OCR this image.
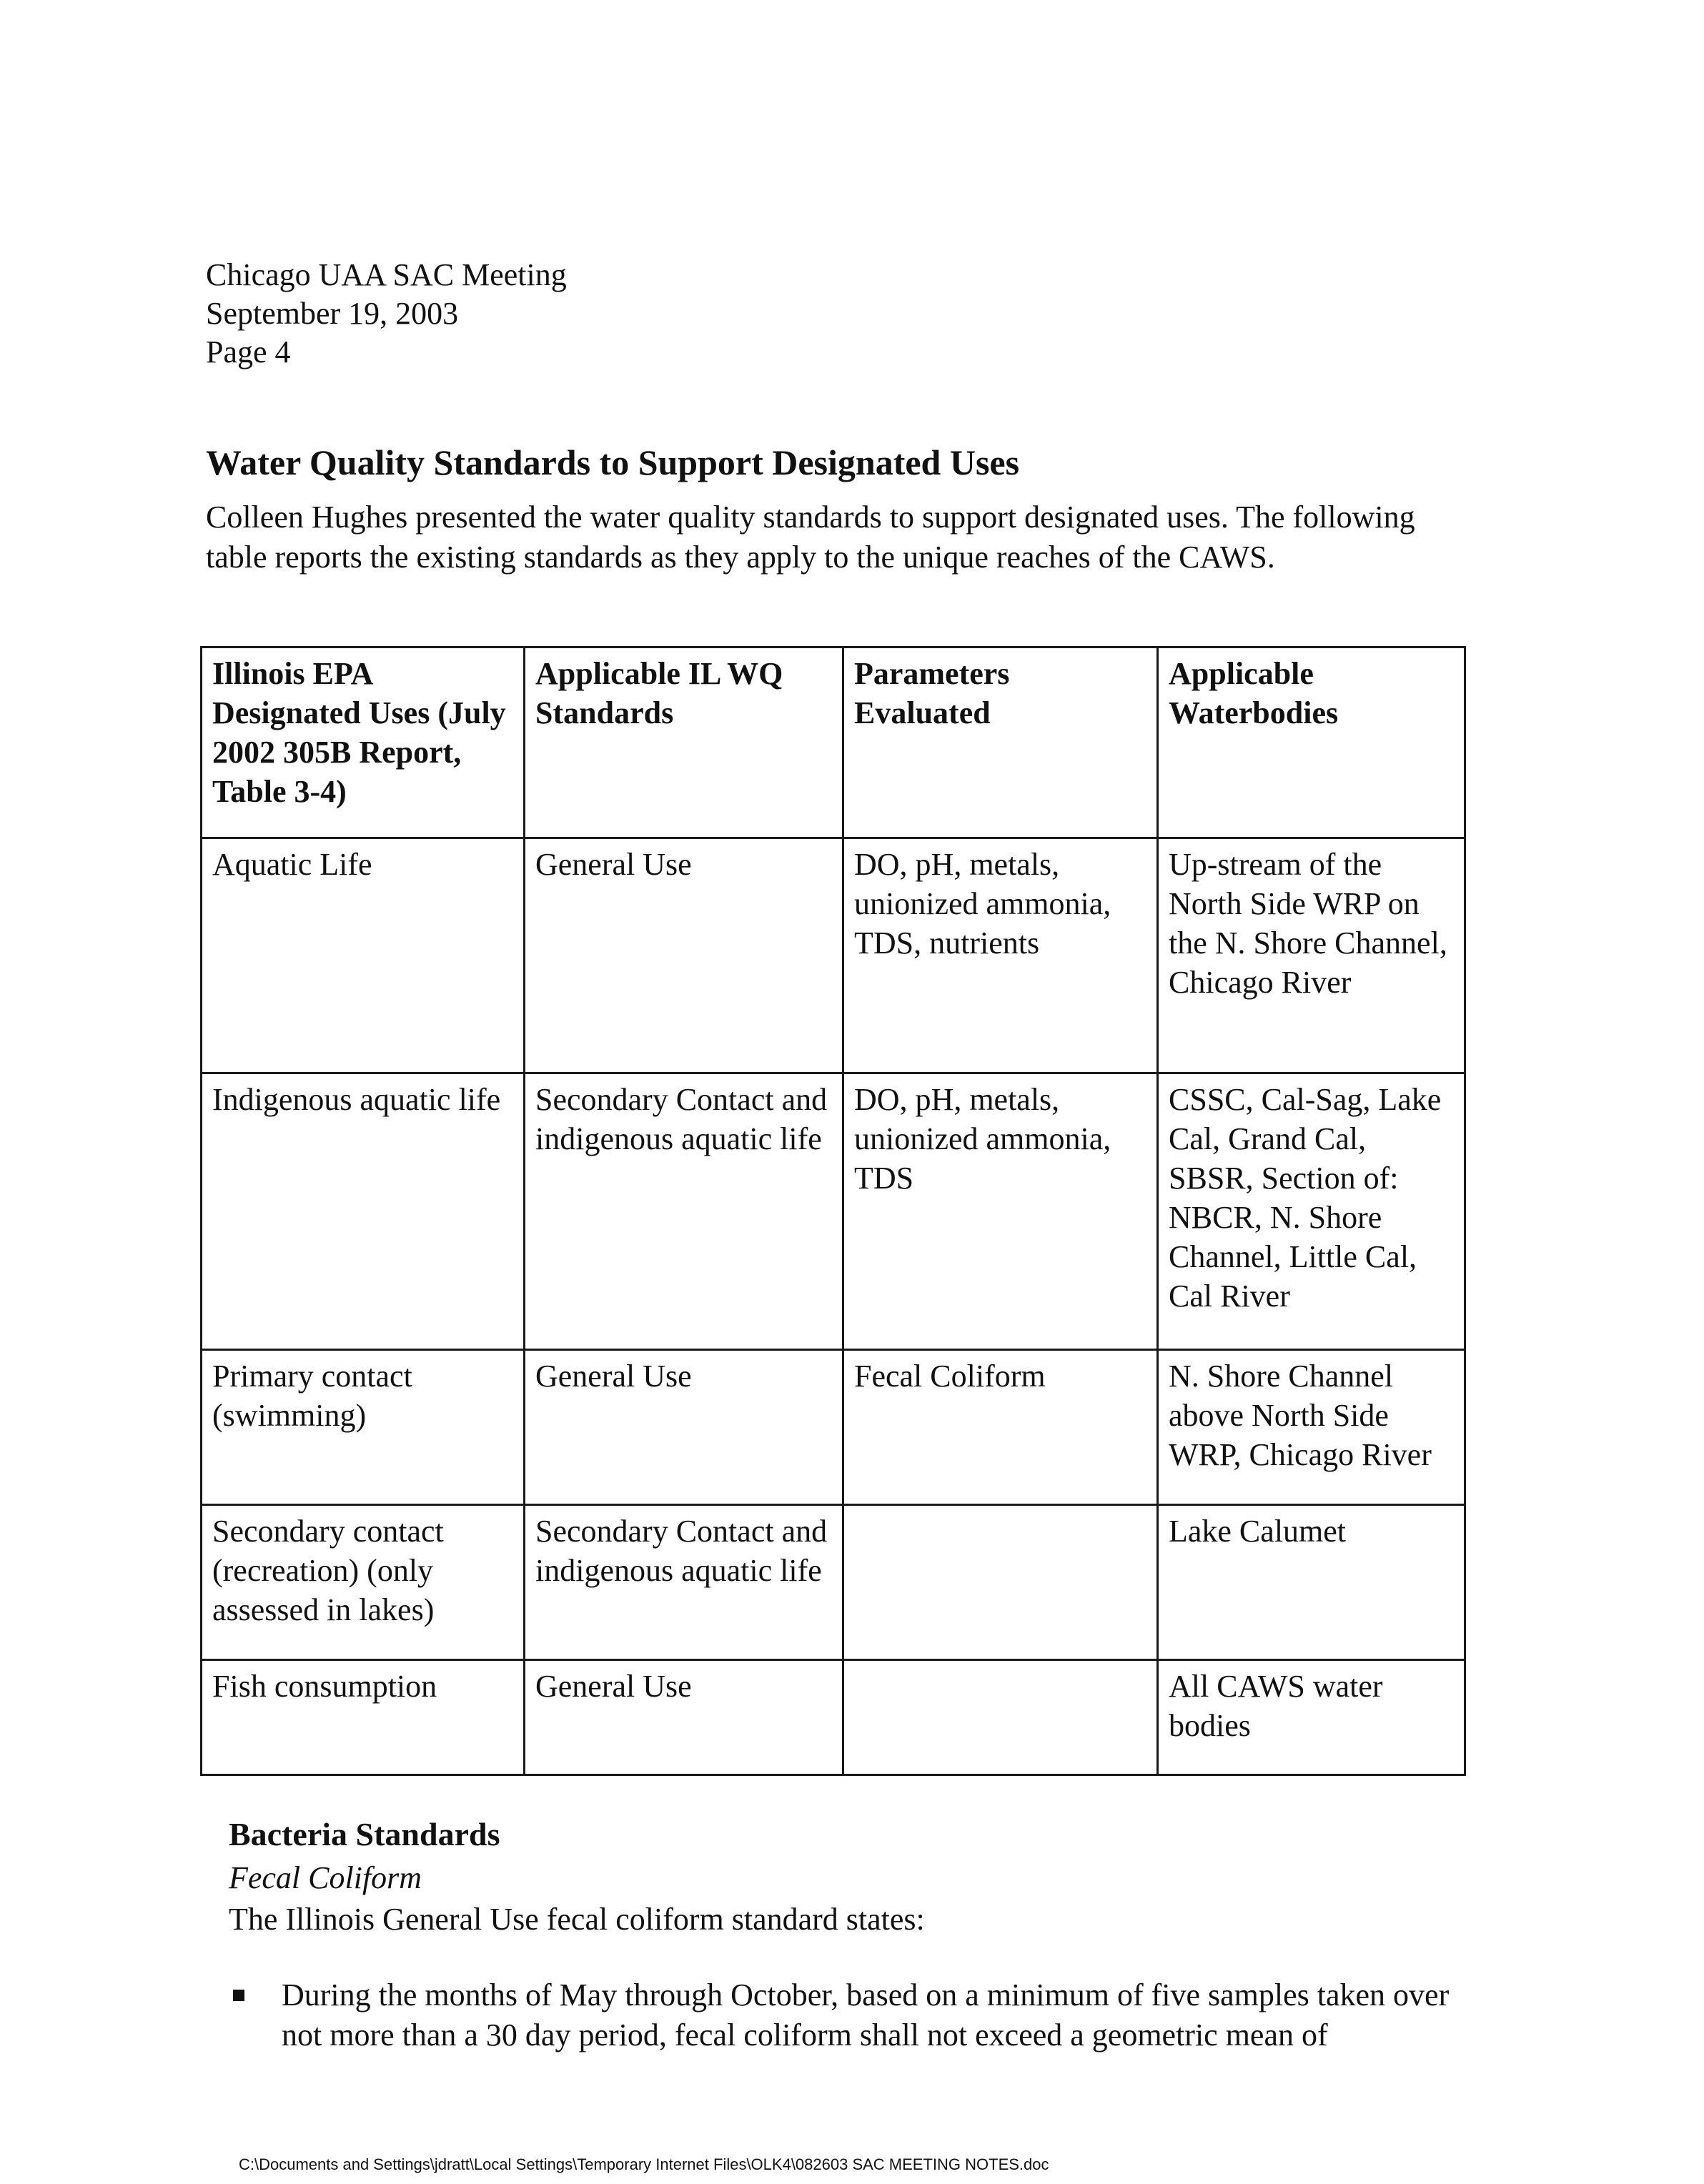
Chicago UAA SAC Meeting
September 19, 2003
Page 4
Water Quality Standards to Support Designated Uses
Colleen Hughes presented the water quality standards to support designated uses. The following table reports the existing standards as they apply to the unique reaches of the CAWS.
Illinois EPA Designated Uses (July 2002 305B Report, Table 3-4)	Applicable IL WQ Standards	Parameters Evaluated	Applicable Waterbodies
Aquatic Life	General Use	DO, pH, metals, unionized ammonia, TDS, nutrients	Up-stream of the North Side WRP on the N. Shore Channel, Chicago River
Indigenous aquatic life	Secondary Contact and indigenous aquatic life	DO, pH, metals, unionized ammonia, TDS	CSSC, Cal-Sag, Lake Cal, Grand Cal, SBSR, Section of: NBCR, N. Shore Channel, Little Cal, Cal River
Primary contact (swimming)	General Use	Fecal Coliform	N. Shore Channel above North Side WRP, Chicago River
Secondary contact (recreation) (only assessed in lakes)	Secondary Contact and indigenous aquatic life		Lake Calumet
Fish consumption	General Use		All CAWS water bodies
Bacteria Standards
Fecal Coliform
The Illinois General Use fecal coliform standard states:
During the months of May through October, based on a minimum of five samples taken over not more than a 30 day period, fecal coliform shall not exceed a geometric mean of
C:\Documents and Settings\jdratt\Local Settings\Temporary Internet Files\OLK4\082603 SAC MEETING NOTES.doc
